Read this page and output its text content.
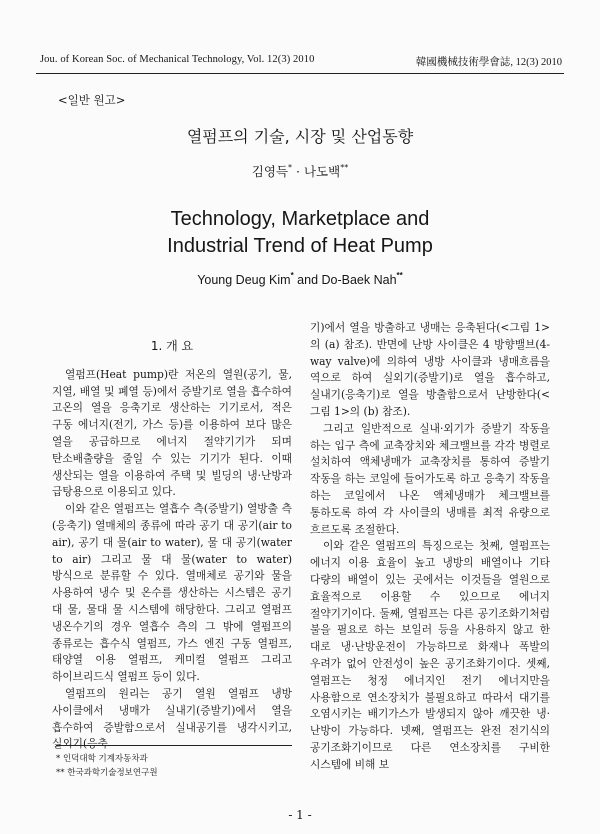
Jou. of Korean Soc. of Mechanical Technology, Vol. 12(3) 2010	韓國機械技術學會誌, 12(3) 2010
<일반 원고>
열펌프의 기술, 시장 및 산업동향
김영득* · 나도백**
Technology, Marketplace and
Industrial Trend of Heat Pump
Young Deug Kim* and Do-Baek Nah**
1. 개 요

열펌프(Heat pump)란 저온의 열원(공기, 물, 지열, 배열 및 폐열 등)에서 증발기로 열을 흡수하여 고온의 열을 응축기로 생산하는 기기로서, 적은 구동 에너지(전기, 가스 등)를 이용하여 보다 많은 열을 공급하므로 에너지 절약기기가 되며 탄소배출량을 줄일 수 있는 기기가 된다. 이때 생산되는 열을 이용하여 주택 및 빌딩의 냉·난방과 급탕용으로 이용되고 있다.

이와 같은 열펌프는 열흡수 측(증발기) 열방출 측(응축기) 열매체의 종류에 따라 공기 대 공기(air to air), 공기 대 물(air to water), 물 대 공기(water to air) 그리고 물 대 물(water to water) 방식으로 분류할 수 있다. 열매체로 공기와 물을 사용하여 냉수 및 온수를 생산하는 시스템은 공기 대 물, 물대 물 시스템에 해당한다. 그리고 열펌프 냉온수기의 경우 열흡수 측의 그 밖에 열펌프의 종류로는 흡수식 열펌프, 가스 엔진 구동 열펌프, 태양열 이용 열펌프, 케미컬 열펌프 그리고 하이브리드식 열펌프 등이 있다.

열펌프의 원리는 공기 열원 열펌프 냉방 사이클에서 냉매가 실내기(증발기)에서 열을 흡수하여 증발함으로서 실내공기를 냉각시키고, 실외기(응축

기)에서 열을 방출하고 냉매는 응축된다(<그림 1>의 (a) 참조). 반면에 난방 사이클은 4 방향밸브(4-way valve)에 의하여 냉방 사이클과 냉매흐름을 역으로 하여 실외기(증발기)로 열을 흡수하고, 실내기(응축기)로 열을 방출함으로서 난방한다(<그림 1>의 (b) 참조).

그리고 일반적으로 실내·외기가 증발기 작동을 하는 입구 측에 교축장치와 체크밸브를 각각 병렬로 설치하여 액체냉매가 교축장치를 통하여 증발기 작동을 하는 코일에 들어가도록 하고 응축기 작동을 하는 코일에서 나온 액체냉매가 체크밸브를 통하도록 하여 각 사이클의 냉매를 최적 유량으로 흐르도록 조절한다.

이와 같은 열펌프의 특징으로는 첫째, 열펌프는 에너지 이용 효율이 높고 냉방의 배열이나 기타 다량의 배열이 있는 곳에서는 이것들을 열원으로 효율적으로 이용할 수 있으므로 에너지 절약기기이다. 둘째, 열펌프는 다른 공기조화기처럼 불을 필요로 하는 보일러 등을 사용하지 않고 한 대로 냉·난방운전이 가능하므로 화재나 폭발의 우려가 없어 안전성이 높은 공기조화기이다. 셋째, 열펌프는 청정 에너지인 전기 에너지만을 사용함으로 연소장치가 불필요하고 따라서 대기를 오염시키는 배기가스가 발생되지 않아 깨끗한 냉·난방이 가능하다. 넷째, 열펌프는 완전 전기식의 공기조화기이므로 다른 연소장치를 구비한 시스템에 비해 보

* 인덕대학 기계자동차과
** 한국과학기술정보연구원
- 1 -
